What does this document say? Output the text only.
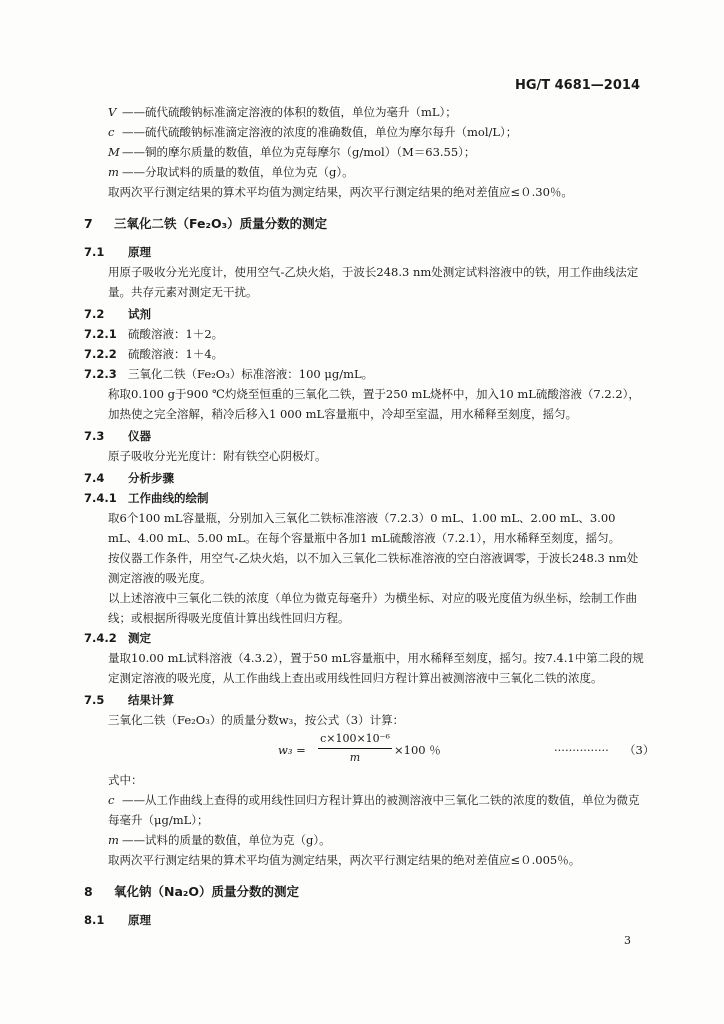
HG/T 4681—2014
V ——硫代硫酸钠标准滴定溶液的体积的数值，单位为毫升（mL）；
c ——硫代硫酸钠标准滴定溶液的浓度的准确数值，单位为摩尔每升（mol/L）；
M ——铜的摩尔质量的数值，单位为克每摩尔（g/mol）（M＝63.55）；
m ——分取试料的质量的数值，单位为克（g）。
取两次平行测定结果的算术平均值为测定结果，两次平行测定结果的绝对差值应≤０.30％。
7 三氧化二铁（Fe₂O₃）质量分数的测定
7.1 原理
用原子吸收分光光度计，使用空气-乙炔火焰，于波长248.3 nm处测定试料溶液中的铁，用工作曲线法定量。共存元素对测定无干扰。
7.2 试剂
7.2.1 硫酸溶液：1＋2。
7.2.2 硫酸溶液：1＋4。
7.2.3 三氧化二铁（Fe₂O₃）标准溶液：100 μg/mL。
称取0.100 g于900 ℃灼烧至恒重的三氧化二铁，置于250 mL烧杯中，加入10 mL硫酸溶液（7.2.2），加热使之完全溶解，稍冷后移入1 000 mL容量瓶中，冷却至室温，用水稀释至刻度，摇匀。
7.3 仪器
原子吸收分光光度计：附有铁空心阴极灯。
7.4 分析步骤
7.4.1 工作曲线的绘制
取6个100 mL容量瓶，分别加入三氧化二铁标准溶液（7.2.3）0 mL、1.00 mL、2.00 mL、3.00 mL、4.00 mL、5.00 mL。在每个容量瓶中各加1 mL硫酸溶液（7.2.1），用水稀释至刻度，摇匀。
按仪器工作条件，用空气-乙炔火焰，以不加入三氧化二铁标准溶液的空白溶液调零，于波长248.3 nm处测定溶液的吸光度。
以上述溶液中三氧化二铁的浓度（单位为微克每毫升）为横坐标、对应的吸光度值为纵坐标，绘制工作曲线；或根据所得吸光度值计算出线性回归方程。
7.4.2 测定
量取10.00 mL试料溶液（4.3.2），置于50 mL容量瓶中，用水稀释至刻度，摇匀。按7.4.1中第二段的规定测定溶液的吸光度，从工作曲线上查出或用线性回归方程计算出被测溶液中三氧化二铁的浓度。
7.5 结果计算
三氧化二铁（Fe₂O₃）的质量分数w₃，按公式（3）计算：
$w_3 = \frac{\text{c×100×10⁻⁶}}{m} \times 100$ ％	··············· （3）
式中：
c ——从工作曲线上查得的或用线性回归方程计算出的被测溶液中三氧化二铁的浓度的数值，单位为微克每毫升（μg/mL）；
m ——试料的质量的数值，单位为克（g）。
取两次平行测定结果的算术平均值为测定结果，两次平行测定结果的绝对差值应≤０.005％。
8 氧化钠（Na₂O）质量分数的测定
8.1 原理
3
